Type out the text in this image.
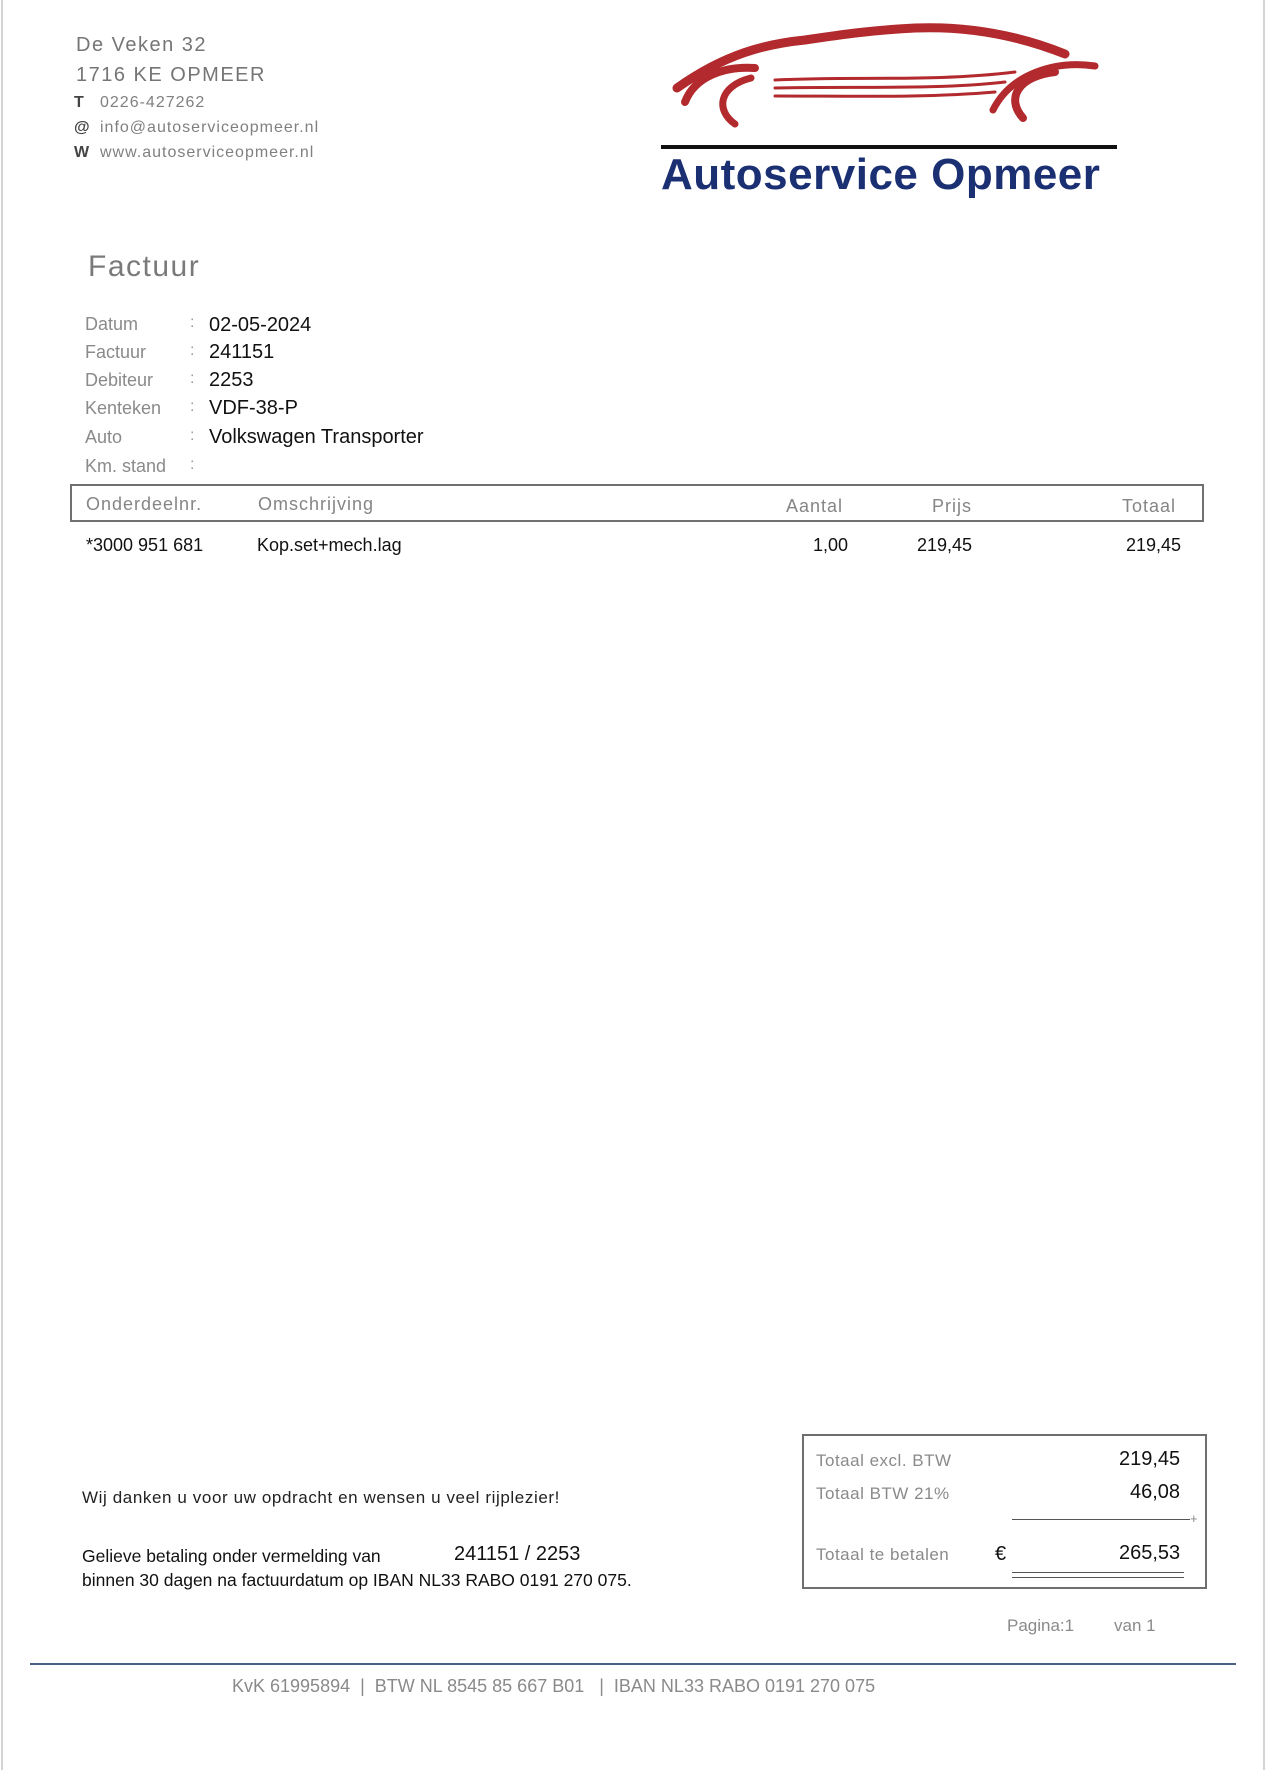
De Veken 32
1716 KE OPMEER
T 0226-427262
@ info@autoserviceopmeer.nl
W www.autoserviceopmeer.nl	Autoservice Opmeer
Factuur
Datum	: 02-05-2024
Factuur	: 241151
Debiteur : 2253
Kenteken : VDF-38-P
Auto	: Volkswagen Transporter
Km. stand :
Onderdeelnr.	Omschrijving	Aantal	Prijs	Totaal
*3000 951 681	Kop.set+mech.lag	1,00	219,45	219,45
Wij danken u voor uw opdracht en wensen u veel rijplezier!
Gelieve betaling onder vermelding van	241151 / 2253
binnen 30 dagen na factuurdatum op IBAN NL33 RABO 0191 270 075.
Totaal excl. BTW	219,45
Totaal BTW 21%	46,08
+
Totaal te betalen €	265,53
Pagina:1 van 1
KvK 61995894  |  BTW NL 8545 85 667 B01   |  IBAN NL33 RABO 0191 270 075
